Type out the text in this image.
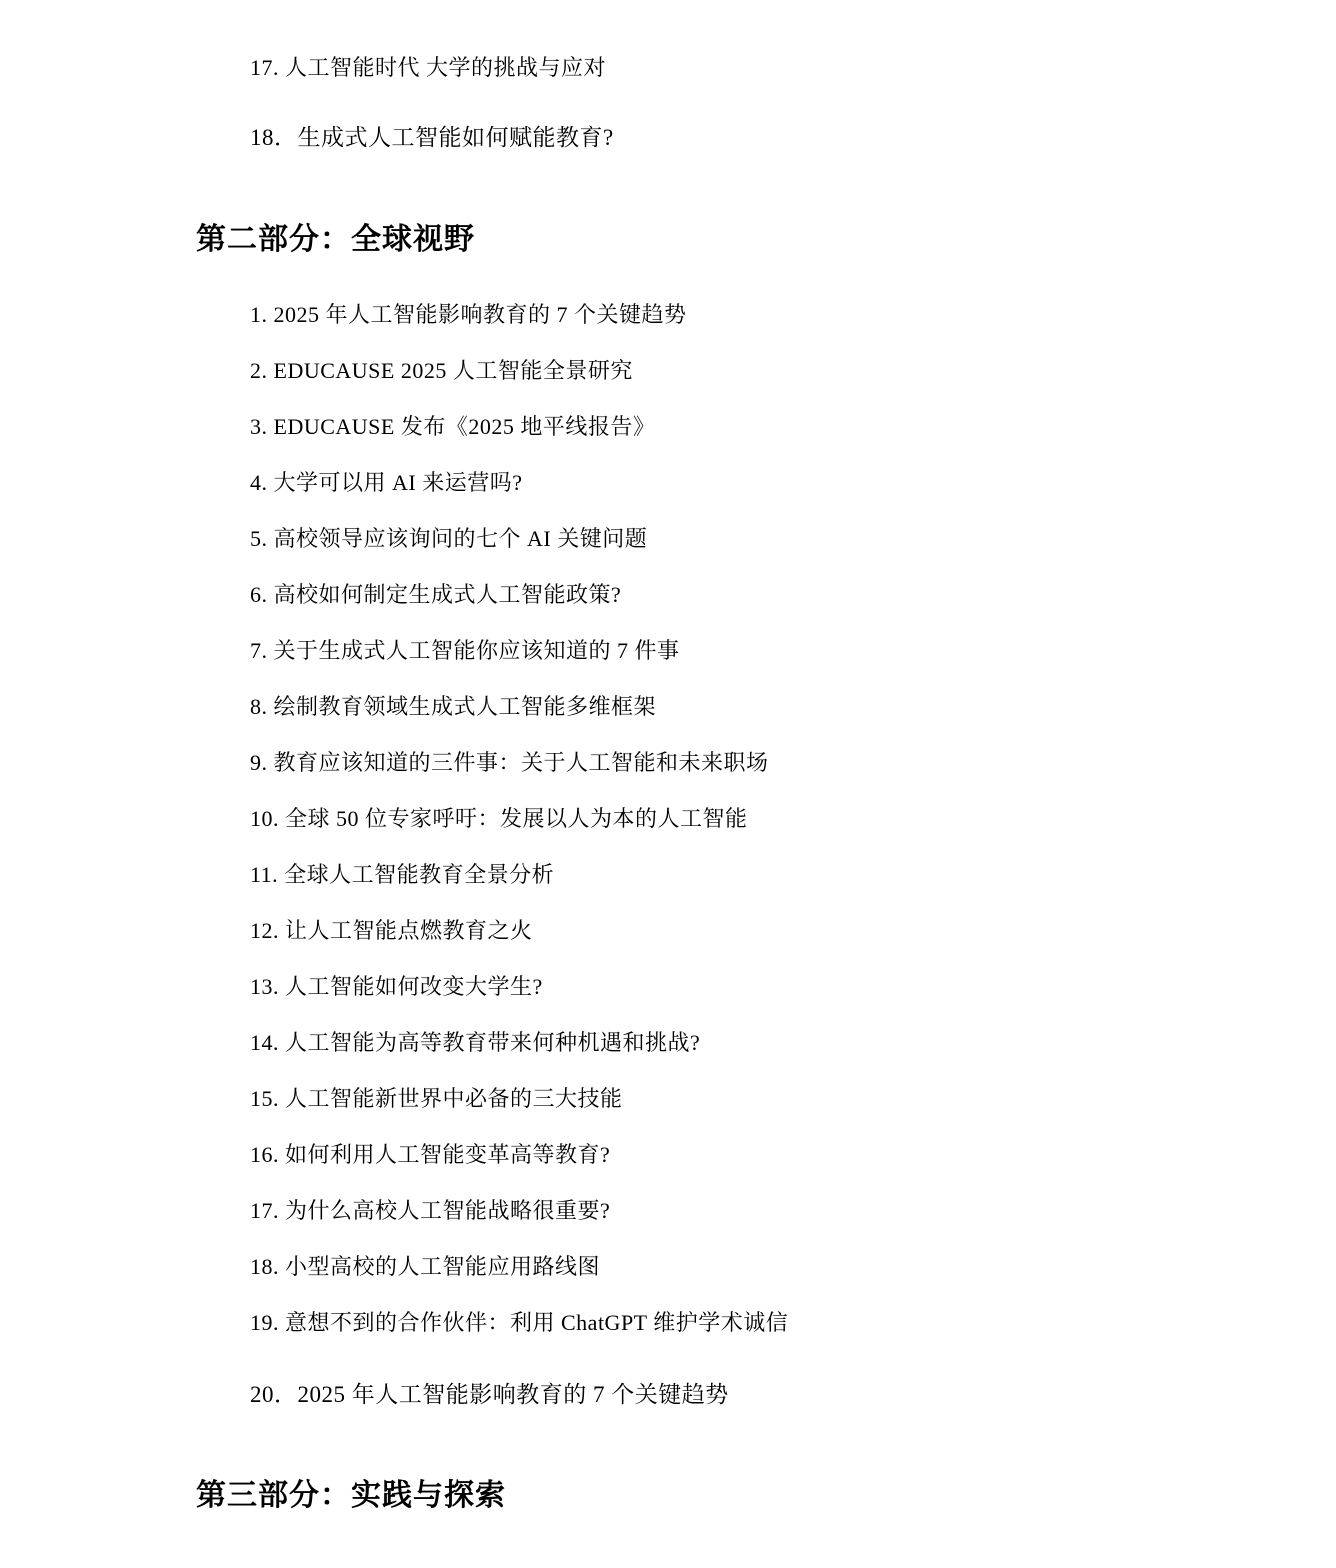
17. 人工智能时代 大学的挑战与应对
18．生成式人工智能如何赋能教育?
第二部分：全球视野
1. 2025 年人工智能影响教育的 7 个关键趋势
2. EDUCAUSE 2025 人工智能全景研究
3. EDUCAUSE 发布《2025 地平线报告》
4. 大学可以用 AI 来运营吗?
5. 高校领导应该询问的七个 AI 关键问题
6. 高校如何制定生成式人工智能政策?
7. 关于生成式人工智能你应该知道的 7 件事
8. 绘制教育领域生成式人工智能多维框架
9. 教育应该知道的三件事：关于人工智能和未来职场
10. 全球 50 位专家呼吁：发展以人为本的人工智能
11. 全球人工智能教育全景分析
12. 让人工智能点燃教育之火
13. 人工智能如何改变大学生?
14. 人工智能为高等教育带来何种机遇和挑战?
15. 人工智能新世界中必备的三大技能
16. 如何利用人工智能变革高等教育?
17. 为什么高校人工智能战略很重要?
18. 小型高校的人工智能应用路线图
19. 意想不到的合作伙伴：利用 ChatGPT 维护学术诚信
20．2025 年人工智能影响教育的 7 个关键趋势
第三部分：实践与探索
